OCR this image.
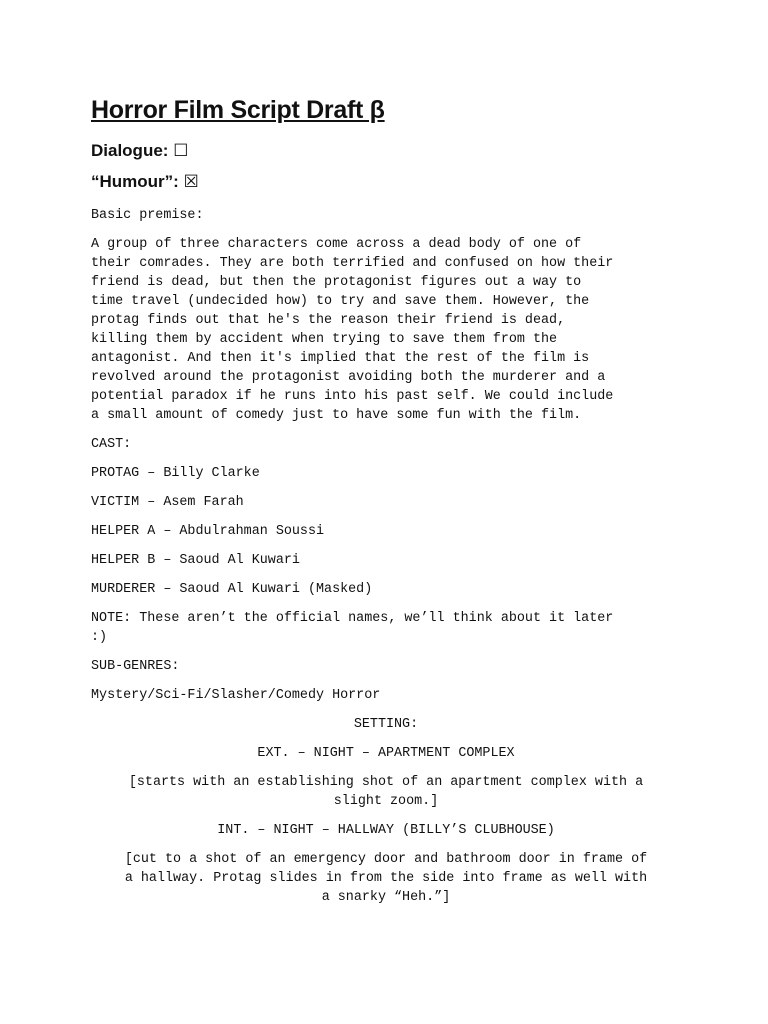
Horror Film Script Draft β
Dialogue: ☐
“Humour”: ☒

Basic premise:

A group of three characters come across a dead body of one of
their comrades. They are both terrified and confused on how their
friend is dead, but then the protagonist figures out a way to
time travel (undecided how) to try and save them. However, the
protag finds out that he's the reason their friend is dead,
killing them by accident when trying to save them from the
antagonist. And then it's implied that the rest of the film is
revolved around the protagonist avoiding both the murderer and a
potential paradox if he runs into his past self. We could include
a small amount of comedy just to have some fun with the film.

CAST:

PROTAG – Billy Clarke

VICTIM – Asem Farah

HELPER A – Abdulrahman Soussi

HELPER B – Saoud Al Kuwari

MURDERER – Saoud Al Kuwari (Masked)

NOTE: These aren’t the official names, we’ll think about it later
:)

SUB-GENRES:

Mystery/Sci-Fi/Slasher/Comedy Horror

SETTING:

EXT. – NIGHT – APARTMENT COMPLEX

[starts with an establishing shot of an apartment complex with a
slight zoom.]

INT. – NIGHT – HALLWAY (BILLY’S CLUBHOUSE)

[cut to a shot of an emergency door and bathroom door in frame of
a hallway. Protag slides in from the side into frame as well with
a snarky “Heh.”]
